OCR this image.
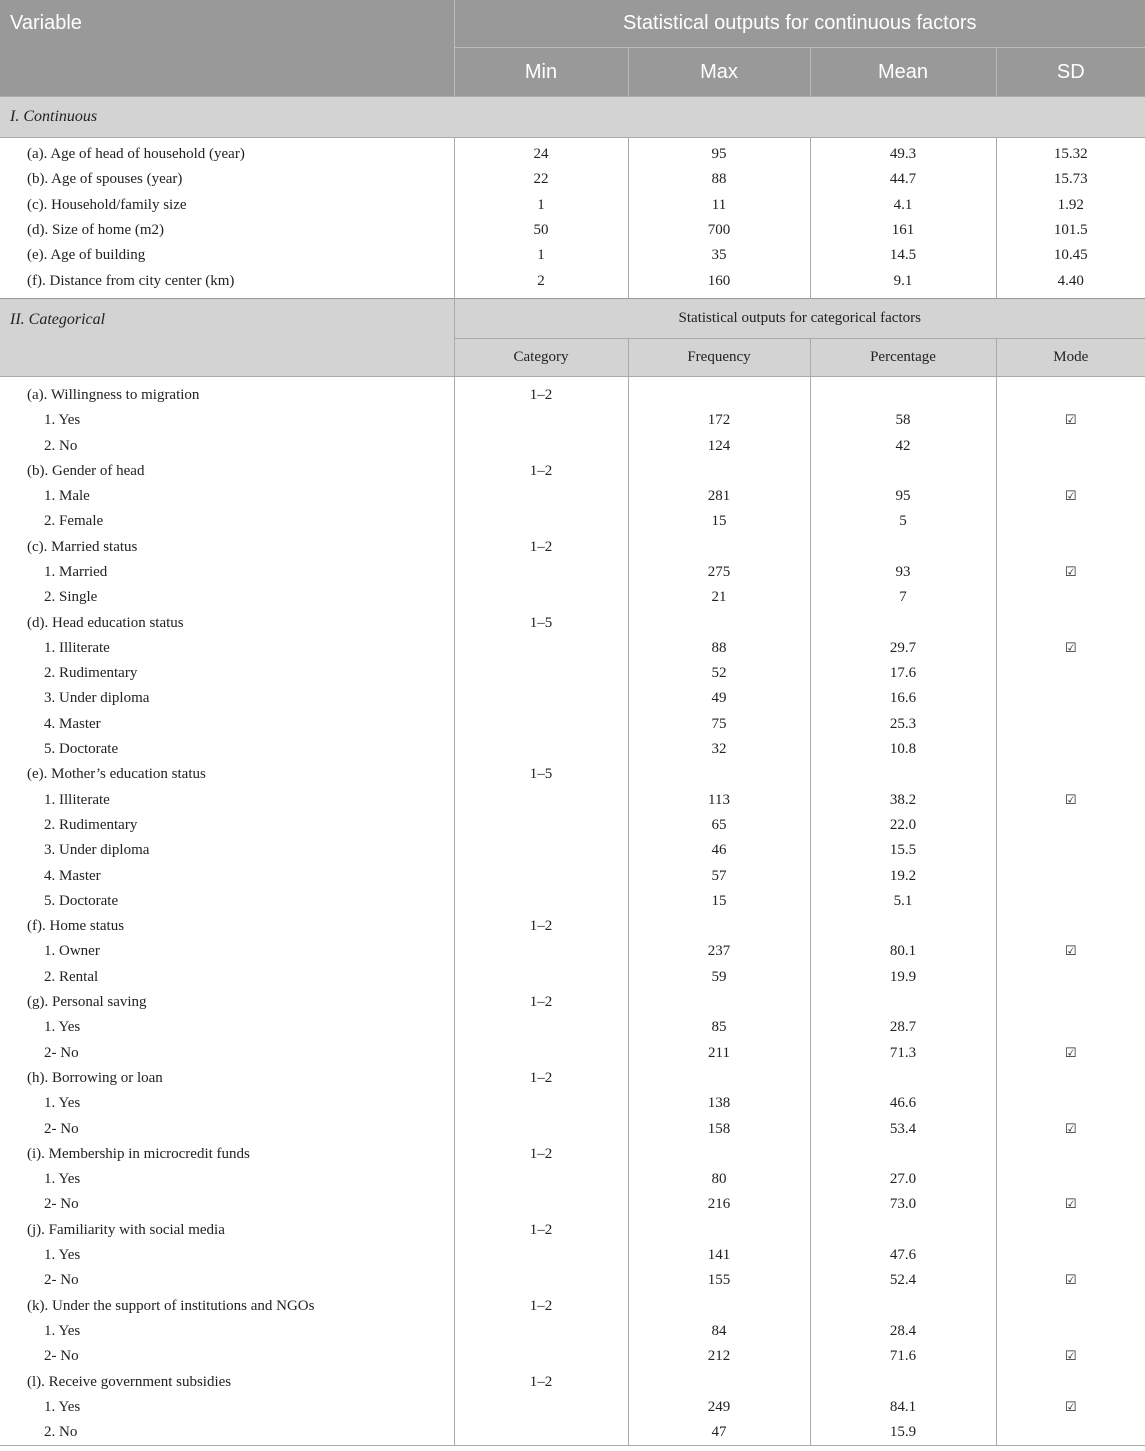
Variable	Statistical outputs for continuous factors			
	Min	Max	Mean	SD
I. Continuous				
(a). Age of head of household (year)	24	95	49.3	15.32
(b). Age of spouses (year)	22	88	44.7	15.73
(c). Household/family size	1	11	4.1	1.92
(d). Size of home (m2)	50	700	161	101.5
(e). Age of building	1	35	14.5	10.45
(f). Distance from city center (km)	2	160	9.1	4.40
II. Categorical	Statistical outputs for categorical factors			
	Category	Frequency	Percentage	Mode
(a). Willingness to migration	1–2			
1. Yes		172	58	☑
2. No		124	42	
(b). Gender of head	1–2			
1. Male		281	95	☑
2. Female		15	5	
(c). Married status	1–2			
1. Married		275	93	☑
2. Single		21	7	
(d). Head education status	1–5			
1. Illiterate		88	29.7	☑
2. Rudimentary		52	17.6	
3. Under diploma		49	16.6	
4. Master		75	25.3	
5. Doctorate		32	10.8	
(e). Mother’s education status	1–5			
1. Illiterate		113	38.2	☑
2. Rudimentary		65	22.0	
3. Under diploma		46	15.5	
4. Master		57	19.2	
5. Doctorate		15	5.1	
(f). Home status	1–2			
1. Owner		237	80.1	☑
2. Rental		59	19.9	
(g). Personal saving	1–2			
1. Yes		85	28.7	
2- No		211	71.3	☑
(h). Borrowing or loan	1–2			
1. Yes		138	46.6	
2- No		158	53.4	☑
(i). Membership in microcredit funds	1–2			
1. Yes		80	27.0	
2- No		216	73.0	☑
(j). Familiarity with social media	1–2			
1. Yes		141	47.6	
2- No		155	52.4	☑
(k). Under the support of institutions and NGOs	1–2			
1. Yes		84	28.4	
2- No		212	71.6	☑
(l). Receive government subsidies	1–2			
1. Yes		249	84.1	☑
2. No		47	15.9	
